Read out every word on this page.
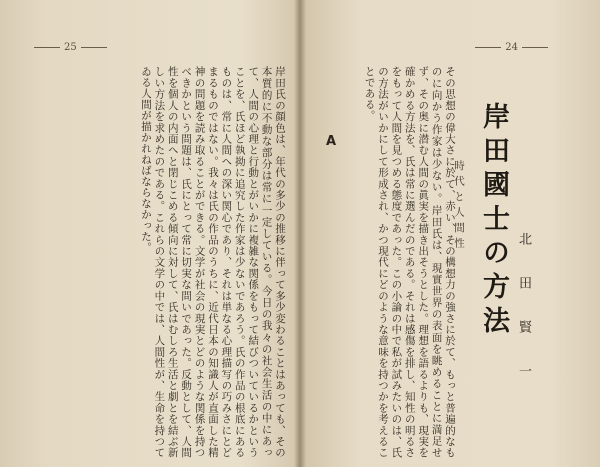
25
岸田氏の顔色は、年代の多少の推移に伴って多少変わることはあっても、その本質的に不動な部分は常に一定している。今日の我々の社会生活の中にあって、人間の心理と行動とがいかに複雑な関係をもって結びついているかということを、氏ほど執拗に追究した作家は少ないであろう。氏の作品の根底にあるものは、常に人間への深い関心であり、それは単なる心理描写の巧みさにとどまるものではない。我々は氏の作品のうちに、近代日本の知識人が直面した精神の問題を読み取ることができる。文学が社会の現実とどのような関係を持つべきかという問題は、氏にとって常に切実な問いであった。反動として、人間性を個人の内面へと閉じこめる傾向に対して、氏はむしろ生活と劇とを結ぶ新しい方法を求めたのである。これらの文学の中では、人間性が、生命を持つてゐる人間が描かれねばならなかった。
24
その思想の偉大さに於て、赤い、その構想力の強さに於て、もっと普遍的なものに向かう作家は少ない。岸田氏は、現實世界の表面を眺めることに満足せず、その奥に潜む人間の眞実を描き出そうとした。理想を語るよりも、現実を確かめる方法を、氏は常に選んだのである。それは感傷を排し、知性の明るさをもって人間を見つめる態度であった。この小論の中で私が試みたいのは、氏の方法がいかにして形成され、かつ現代にどのような意味を持つかを考えることである。
A
時代と人間性 岸田國士の方法 北　田　賢　一
